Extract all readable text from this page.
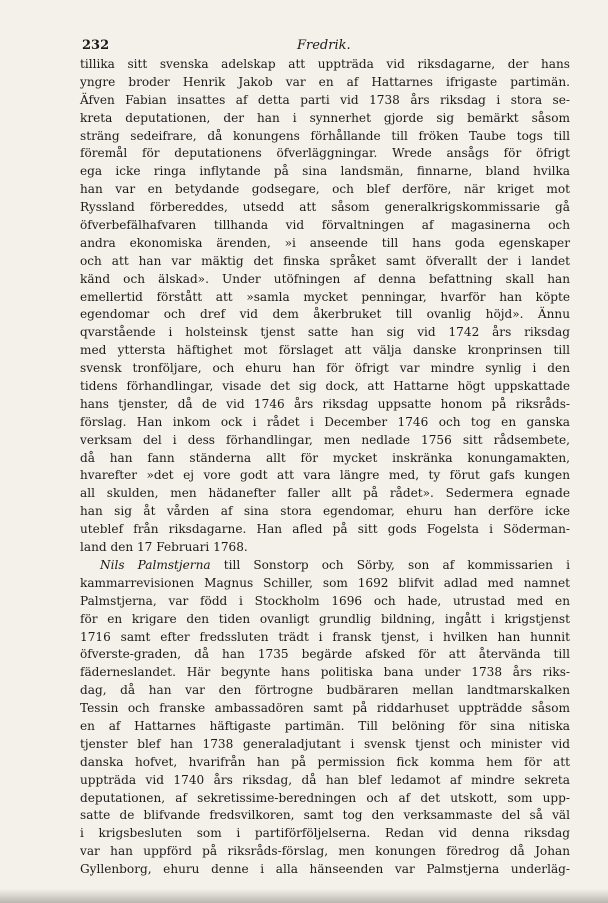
232	Fredrik.
tillika sitt svenska adelskap att uppträda vid riksdagarne, der hans
yngre broder Henrik Jakob var en af Hattarnes ifrigaste partimän.
Äfven Fabian insattes af detta parti vid 1738 års riksdag i stora se-
kreta deputationen, der han i synnerhet gjorde sig bemärkt såsom
sträng sedeifrare, då konungens förhållande till fröken Taube togs till
föremål för deputationens öfverläggningar. Wrede ansågs för öfrigt
ega icke ringa inflytande på sina landsmän, finnarne, bland hvilka
han var en betydande godsegare, och blef derföre, när kriget mot
Ryssland förbereddes, utsedd att såsom generalkrigskommissarie gå
öfverbefälhafvaren tillhanda vid förvaltningen af magasinerna och
andra ekonomiska ärenden, »i anseende till hans goda egenskaper
och att han var mäktig det finska språket samt öfverallt der i landet
känd och älskad». Under utöfningen af denna befattning skall han
emellertid förstått att »samla mycket penningar, hvarför han köpte
egendomar och dref vid dem åkerbruket till ovanlig höjd». Ännu
qvarstående i holsteinsk tjenst satte han sig vid 1742 års riksdag
med yttersta häftighet mot förslaget att välja danske kronprinsen till
svensk tronföljare, och ehuru han för öfrigt var mindre synlig i den
tidens förhandlingar, visade det sig dock, att Hattarne högt uppskattade
hans tjenster, då de vid 1746 års riksdag uppsatte honom på riksråds-
förslag. Han inkom ock i rådet i December 1746 och tog en ganska
verksam del i dess förhandlingar, men nedlade 1756 sitt rådsembete,
då han fann ständerna allt för mycket inskränka konungamakten,
hvarefter »det ej vore godt att vara längre med, ty förut gafs kungen
all skulden, men hädanefter faller allt på rådet». Sedermera egnade
han sig åt vården af sina stora egendomar, ehuru han derföre icke
uteblef från riksdagarne. Han afled på sitt gods Fogelsta i Söderman-
land den 17 Februari 1768.
Nils Palmstjerna till Sonstorp och Sörby, son af kommissarien i
kammarrevisionen Magnus Schiller, som 1692 blifvit adlad med namnet
Palmstjerna, var född i Stockholm 1696 och hade, utrustad med en
för en krigare den tiden ovanligt grundlig bildning, ingått i krigstjenst
1716 samt efter fredssluten trädt i fransk tjenst, i hvilken han hunnit
öfverste-graden, då han 1735 begärde afsked för att återvända till
fäderneslandet. Här begynte hans politiska bana under 1738 års riks-
dag, då han var den förtrogne budbäraren mellan landtmarskalken
Tessin och franske ambassadören samt på riddarhuset uppträdde såsom
en af Hattarnes häftigaste partimän. Till belöning för sina nitiska
tjenster blef han 1738 generaladjutant i svensk tjenst och minister vid
danska hofvet, hvarifrån han på permission fick komma hem för att
uppträda vid 1740 års riksdag, då han blef ledamot af mindre sekreta
deputationen, af sekretissime-beredningen och af det utskott, som upp-
satte de blifvande fredsvilkoren, samt tog den verksammaste del så väl
i krigsbesluten som i partiförföljelserna. Redan vid denna riksdag
var han uppförd på riksråds-förslag, men konungen föredrog då Johan
Gyllenborg, ehuru denne i alla hänseenden var Palmstjerna underläg-
